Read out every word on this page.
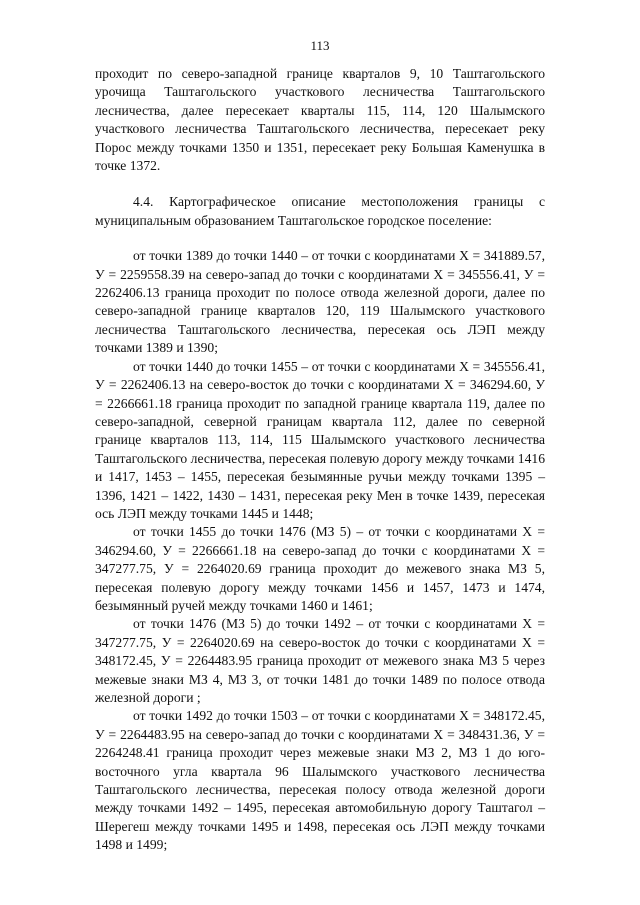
113

проходит по северо-западной границе кварталов 9, 10 Таштагольского урочища Таштагольского участкового лесничества Таштагольского лесничества, далее пересекает кварталы 115, 114, 120 Шалымского участкового лесничества Таштагольского лесничества, пересекает реку Порос между точками 1350 и 1351, пересекает реку Большая Каменушка в точке 1372.

4.4. Картографическое описание местоположения границы с муниципальным образованием Таштагольское городское поселение:

от точки 1389 до точки 1440 – от точки с координатами Х = 341889.57, У = 2259558.39 на северо-запад до точки с координатами Х = 345556.41, У = 2262406.13 граница проходит по полосе отвода железной дороги, далее по северо-западной границе кварталов 120, 119 Шалымского участкового лесничества Таштагольского лесничества, пересекая ось ЛЭП между точками 1389 и 1390;

от точки 1440 до точки 1455 – от точки с координатами Х = 345556.41, У = 2262406.13 на северо-восток до точки с координатами Х = 346294.60, У = 2266661.18 граница проходит по западной границе квартала 119, далее по северо-западной, северной границам квартала 112, далее по северной границе кварталов 113, 114, 115 Шалымского участкового лесничества Таштагольского лесничества, пересекая полевую дорогу между точками 1416 и 1417, 1453 – 1455, пересекая безымянные ручьи между точками 1395 – 1396, 1421 – 1422, 1430 – 1431, пересекая реку Мен в точке 1439, пересекая ось ЛЭП между точками 1445 и 1448;

от точки 1455 до точки 1476 (МЗ 5) – от точки с координатами Х = 346294.60, У = 2266661.18 на северо-запад до точки с координатами Х = 347277.75, У = 2264020.69 граница проходит до межевого знака МЗ 5, пересекая полевую дорогу между точками 1456 и 1457, 1473 и 1474, безымянный ручей между точками 1460 и 1461;

от точки 1476 (МЗ 5) до точки 1492 – от точки с координатами Х = 347277.75, У = 2264020.69 на северо-восток до точки с координатами Х = 348172.45, У = 2264483.95 граница проходит от межевого знака МЗ 5 через межевые знаки МЗ 4, МЗ 3, от точки 1481 до точки 1489 по полосе отвода железной дороги ;

от точки 1492 до точки 1503 – от точки с координатами Х = 348172.45, У = 2264483.95 на северо-запад до точки с координатами Х = 348431.36, У = 2264248.41 граница проходит через межевые знаки МЗ 2, МЗ 1 до юго-восточного угла квартала 96 Шалымского участкового лесничества Таштагольского лесничества, пересекая полосу отвода железной дороги между точками 1492 – 1495, пересекая автомобильную дорогу Таштагол – Шерегеш между точками 1495 и 1498, пересекая ось ЛЭП между точками 1498 и 1499;
